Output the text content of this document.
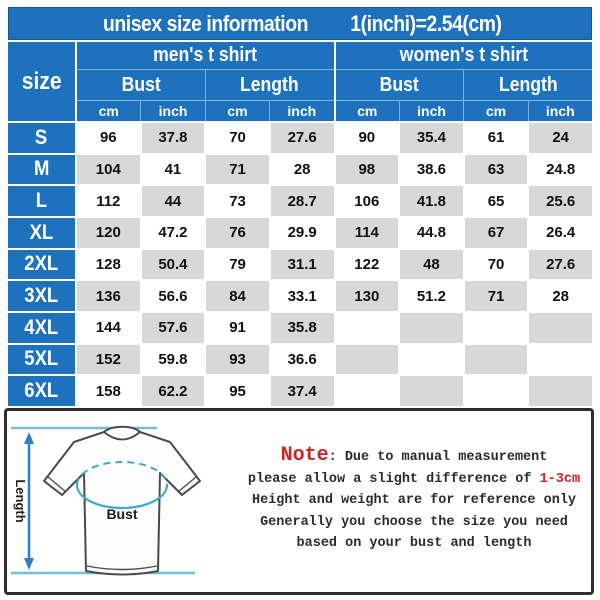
unisex size information 1(inchi)=2.54(cm)
size
men's t shirt
Bust	Length
cm	inch	cm	inch
women's t shirt
Bust	Length
cm	inch	cm	inch
S	96	37.8	70	27.6	90	35.4	61	24
M	104	41	71	28	98	38.6	63	24.8
L	112	44	73	28.7	106	41.8	65	25.6
XL	120	47.2	76	29.9	114	44.8	67	26.4
2XL	128	50.4	79	31.1	122	48	70	27.6
3XL	136	56.6	84	33.1	130	51.2	71	28
4XL	144	57.6	91	35.8
5XL	152	59.8	93	36.6
6XL	158	62.2	95	37.4
Length	Bust
Note: Due to manual measurement
please allow a slight difference of 1-3cm
Height and weight are for reference only
Generally you choose the size you need
based on your bust and length
